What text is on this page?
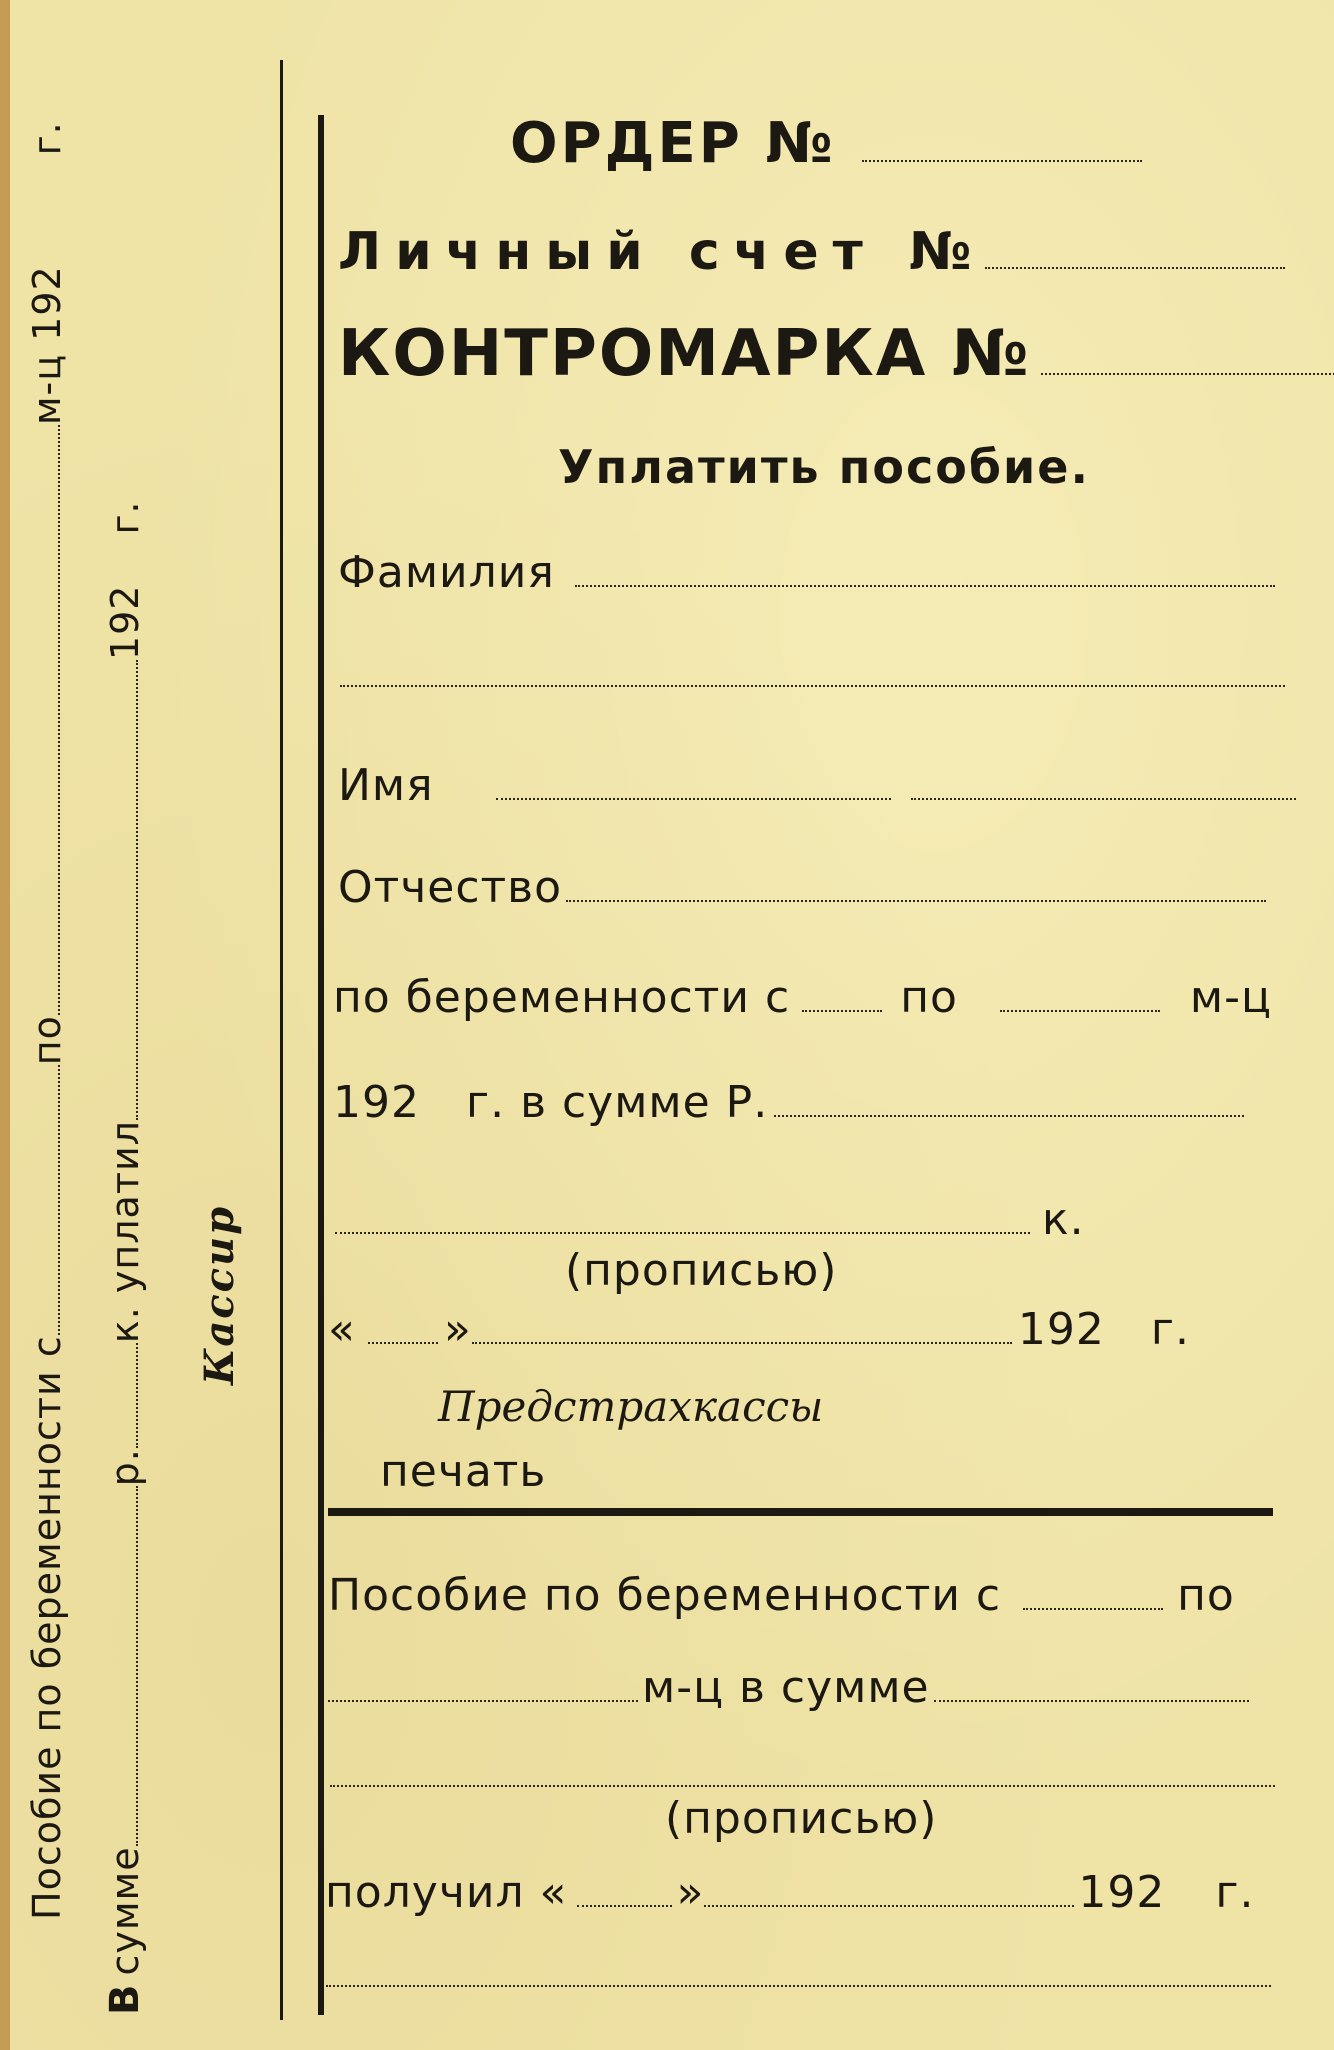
Пособие по беременности с
по
м-ц 192
г.
В
сумме
р.
к. уплатил
192
г.
Кассир
ОРДЕР №
Личный счет №
КОНТРОМАРКА №
Уплатить пособие.
Фамилия
Имя
Отчество
по беременности с	по	м-ц
192 г. в сумме Р.
к.
(прописью)
« »	192 г.
Предстрахкассы
печать
Пособие по беременности с	по
м-ц в сумме
(прописью)
получил « »	192 г.
